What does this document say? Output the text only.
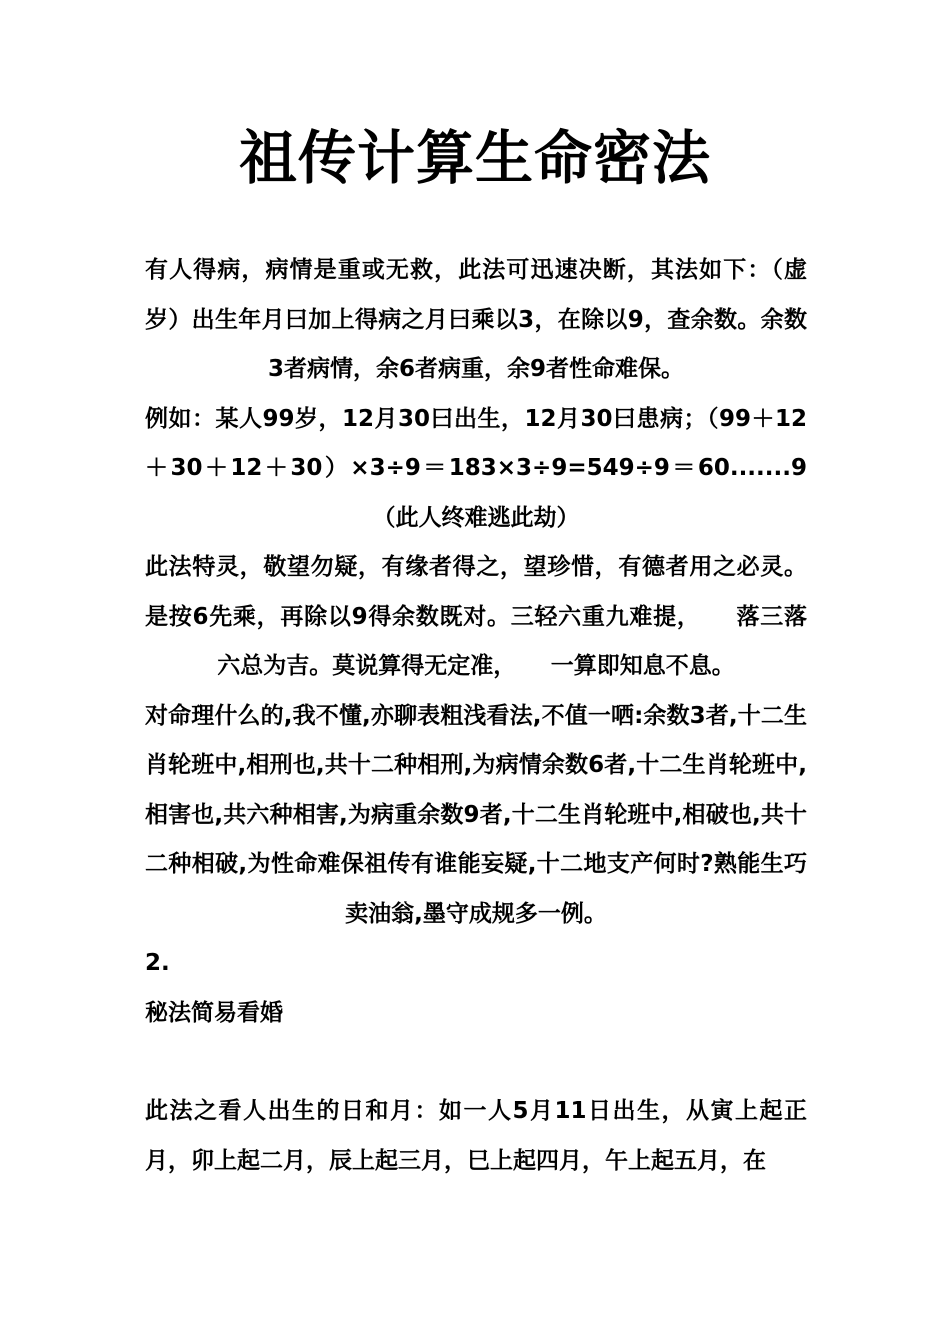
祖传计算生命密法

有人得病，病情是重或无救，此法可迅速决断，其法如下：（虚岁）出生年月曰加上得病之月曰乘以3，在除以9，查余数。余数3者病情，余6者病重，余9者性命难保。

例如：某人99岁，12月30曰出生，12月30曰患病；（99＋12＋30＋12＋30）×3÷9＝183×3÷9=549÷9＝60.......9（此人终难逃此劫）

此法特灵，敬望勿疑，有缘者得之，望珍惜，有德者用之必灵。是按6先乘，再除以9得余数既对。三轻六重九难提，　　落三落六总为吉。莫说算得无定准，　　一算即知息不息。

对命理什么的,我不懂,亦聊表粗浅看法,不值一哂:余数3者,十二生肖轮班中,相刑也,共十二种相刑,为病情余数6者,十二生肖轮班中,相害也,共六种相害,为病重余数9者,十二生肖轮班中,相破也,共十二种相破,为性命难保祖传有谁能妄疑,十二地支产何时?熟能生巧卖油翁,墨守成规多一例。

2.

秘法简易看婚

此法之看人出生的日和月：如一人5月11日出生，从寅上起正月，卯上起二月，辰上起三月，巳上起四月，午上起五月，在
